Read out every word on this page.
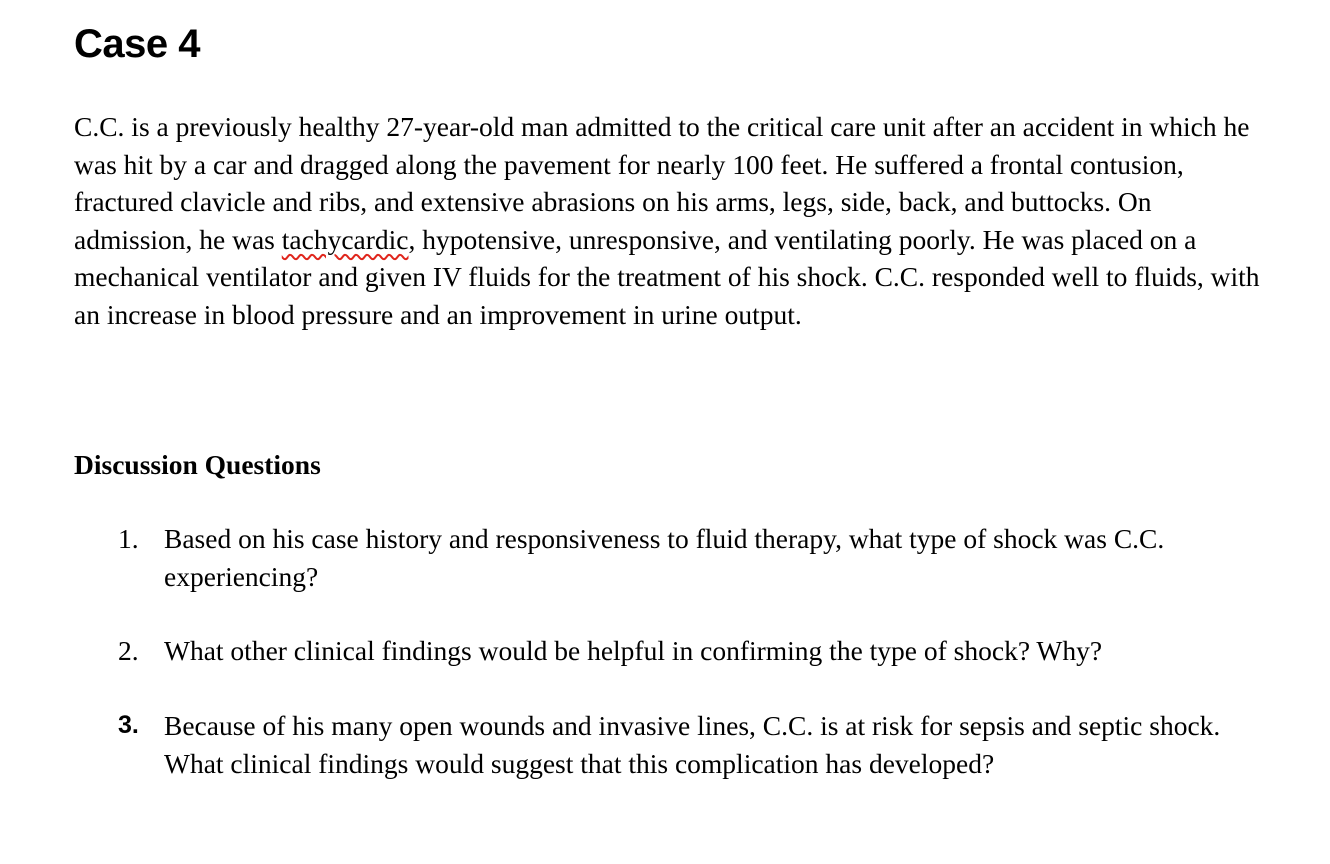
Case 4

C.C. is a previously healthy 27-year-old man admitted to the critical care unit after an accident in which he was hit by a car and dragged along the pavement for nearly 100 feet. He suffered a frontal contusion, fractured clavicle and ribs, and extensive abrasions on his arms, legs, side, back, and buttocks. On admission, he was tachycardic, hypotensive, unresponsive, and ventilating poorly. He was placed on a mechanical ventilator and given IV fluids for the treatment of his shock. C.C. responded well to fluids, with an increase in blood pressure and an improvement in urine output.

Discussion Questions
1. Based on his case history and responsiveness to fluid therapy, what type of shock was C.C. experiencing?
2. What other clinical findings would be helpful in confirming the type of shock? Why?
3. Because of his many open wounds and invasive lines, C.C. is at risk for sepsis and septic shock. What clinical findings would suggest that this complication has developed?
